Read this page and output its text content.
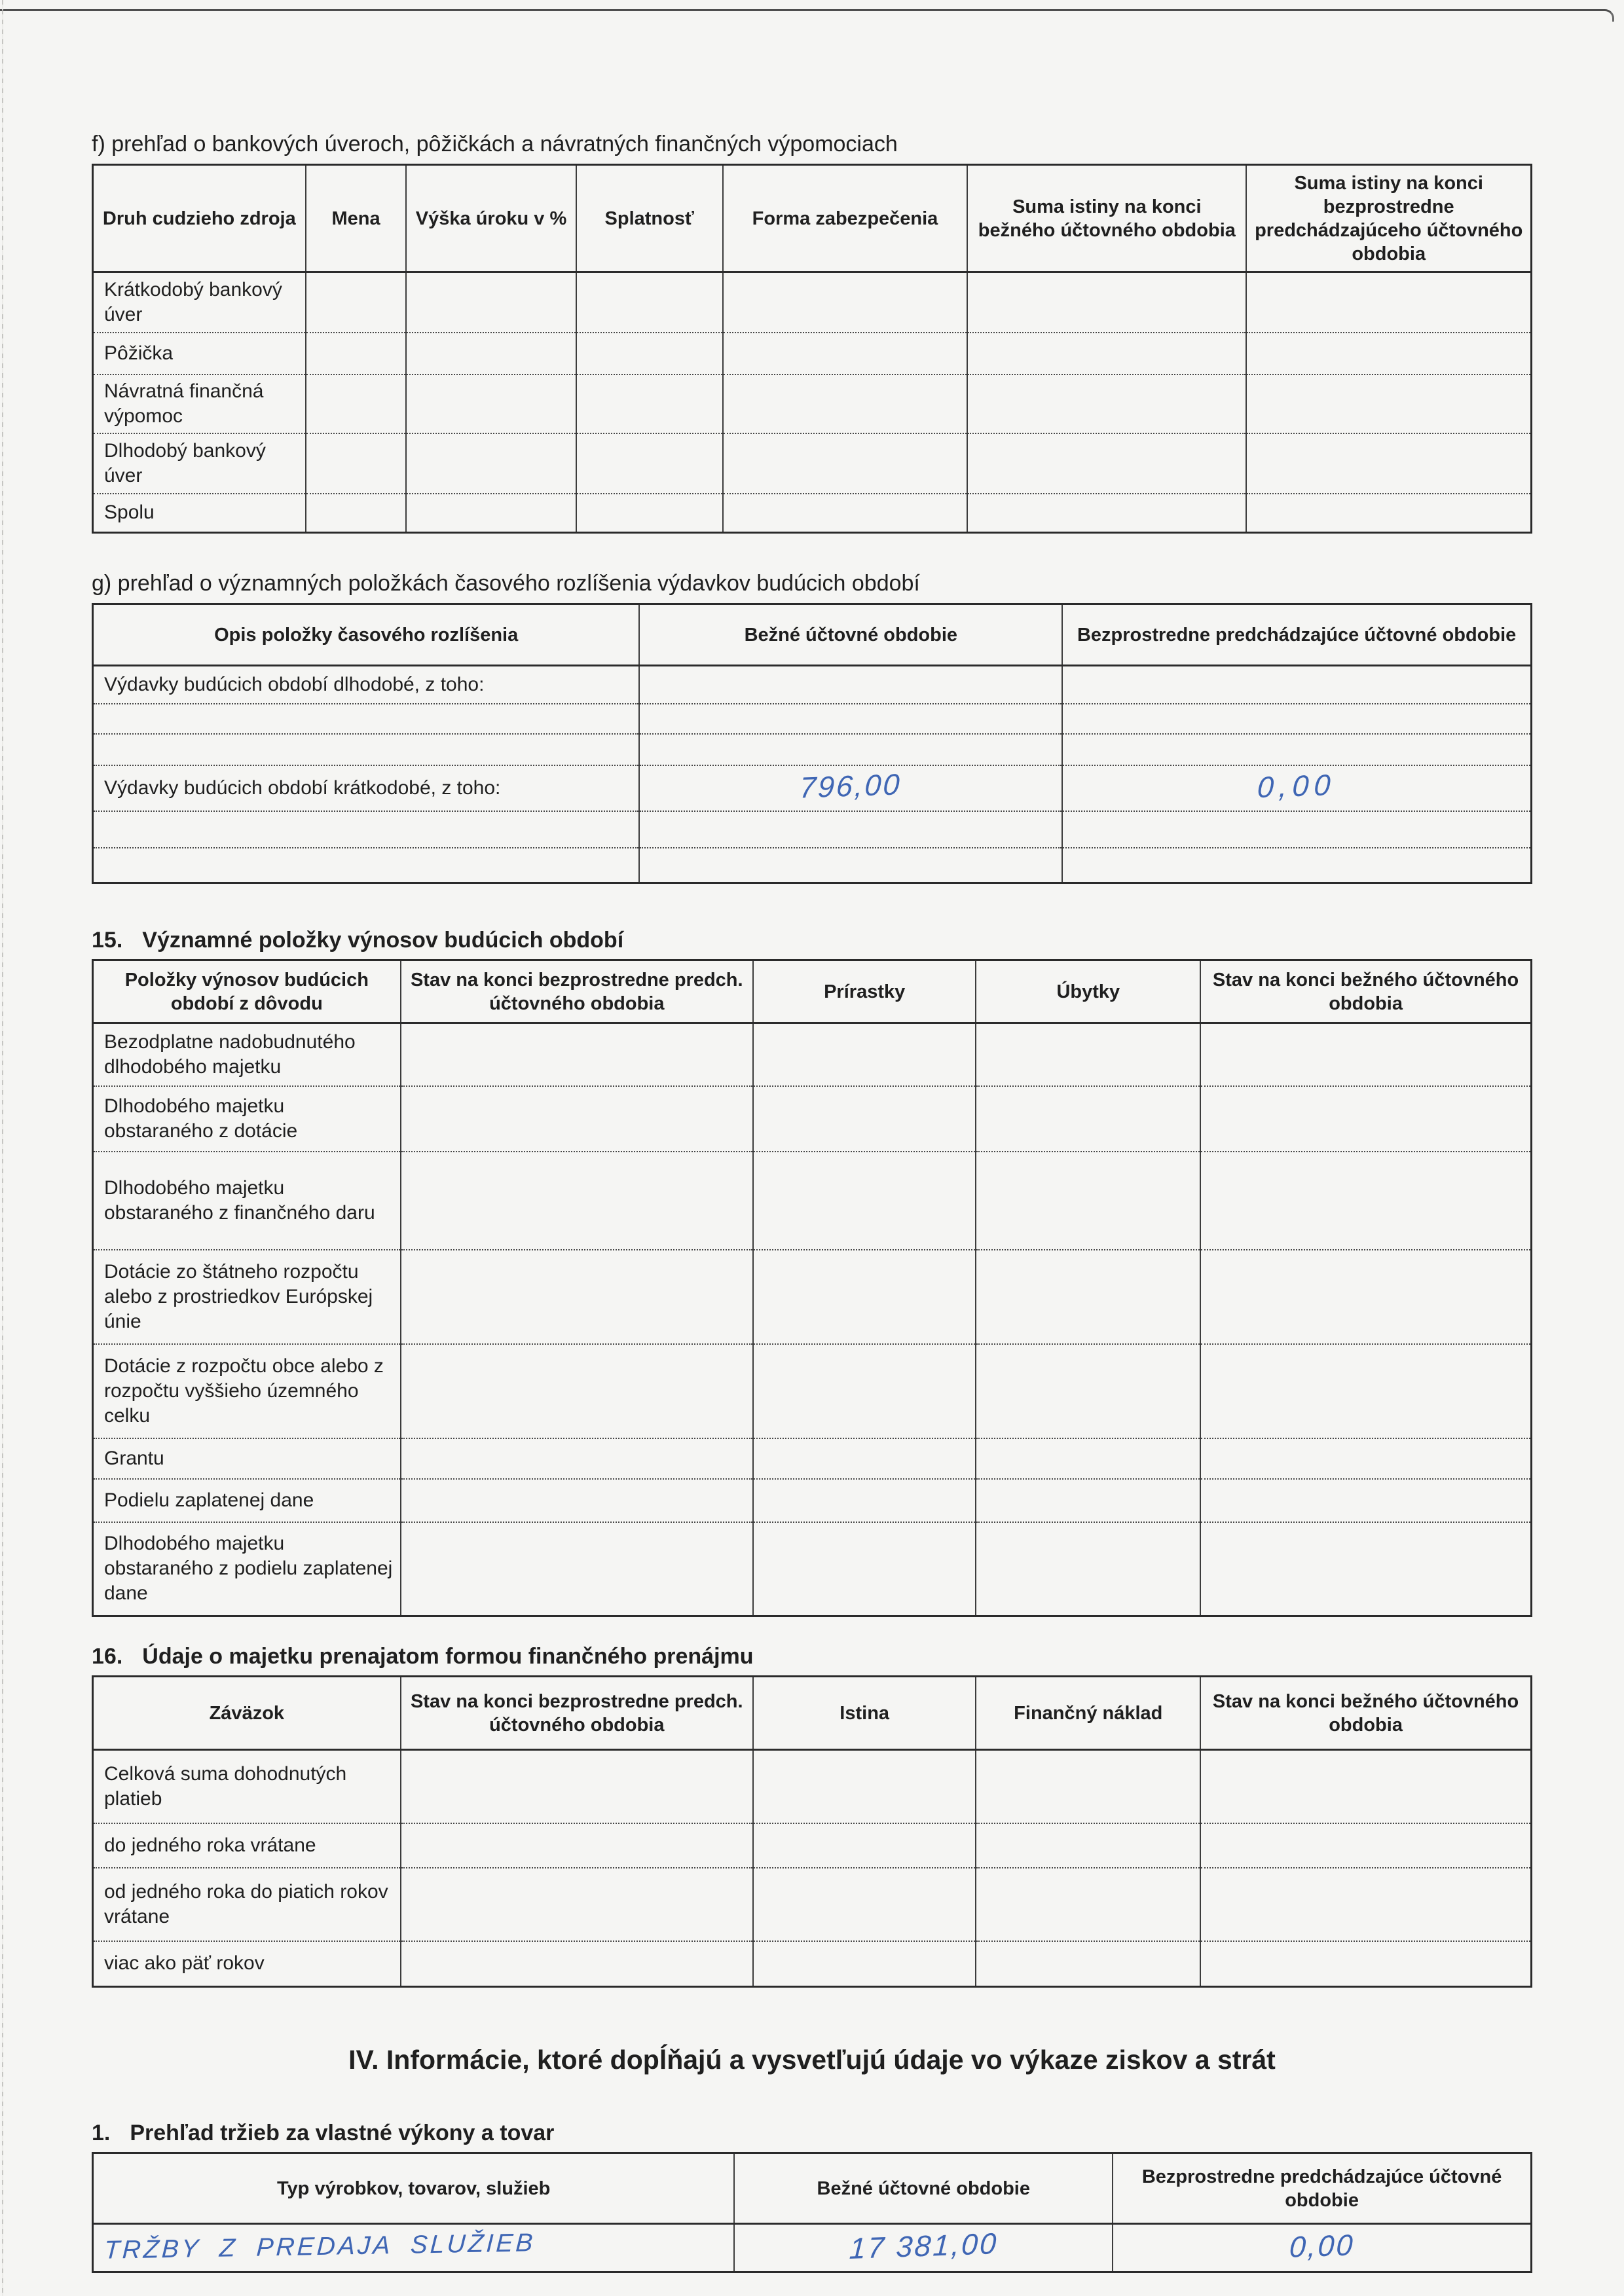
f) prehľad o bankových úveroch, pôžičkách a návratných finančných výpomociach
Druh cudzieho zdroja	Mena	Výška úroku v %	Splatnosť	Forma zabezpečenia	Suma istiny na konci bežného účtovného obdobia	Suma istiny na konci bezprostredne predchádzajúceho účtovného obdobia
Krátkodobý bankový úver						
Pôžička						
Návratná finančná výpomoc						
Dlhodobý bankový úver						
Spolu						
g) prehľad o významných položkách časového rozlíšenia výdavkov budúcich období
Opis položky časového rozlíšenia	Bežné účtovné obdobie	Bezprostredne predchádzajúce účtovné obdobie
Výdavky budúcich období dlhodobé, z toho:		

Výdavky budúcich období krátkodobé, z toho:	796,00	0,00

15. Významné položky výnosov budúcich období
Položky výnosov budúcich období z dôvodu	Stav na konci bezprostredne predch. účtovného obdobia	Prírastky	Úbytky	Stav na konci bežného účtovného obdobia
Bezodplatne nadobudnutého dlhodobého majetku				
Dlhodobého majetku obstaraného z dotácie				
Dlhodobého majetku obstaraného z finančného daru				
Dotácie zo štátneho rozpočtu alebo z prostriedkov Európskej únie				
Dotácie z rozpočtu obce alebo z rozpočtu vyššieho územného celku				
Grantu				
Podielu zaplatenej dane				
Dlhodobého majetku obstaraného z podielu zaplatenej dane				
16. Údaje o majetku prenajatom formou finančného prenájmu
Záväzok	Stav na konci bezprostredne predch. účtovného obdobia	Istina	Finančný náklad	Stav na konci bežného účtovného obdobia
Celková suma dohodnutých platieb				
do jedného roka vrátane				
od jedného roka do piatich rokov vrátane				
viac ako päť rokov				
IV. Informácie, ktoré dopĺňajú a vysvetľujú údaje vo výkaze ziskov a strát
1. Prehľad tržieb za vlastné výkony a tovar
Typ výrobkov, tovarov, služieb	Bežné účtovné obdobie	Bezprostredne predchádzajúce účtovné obdobie
TRŽBY Z PREDAJA SLUŽIEB	17 381,00	0,00
